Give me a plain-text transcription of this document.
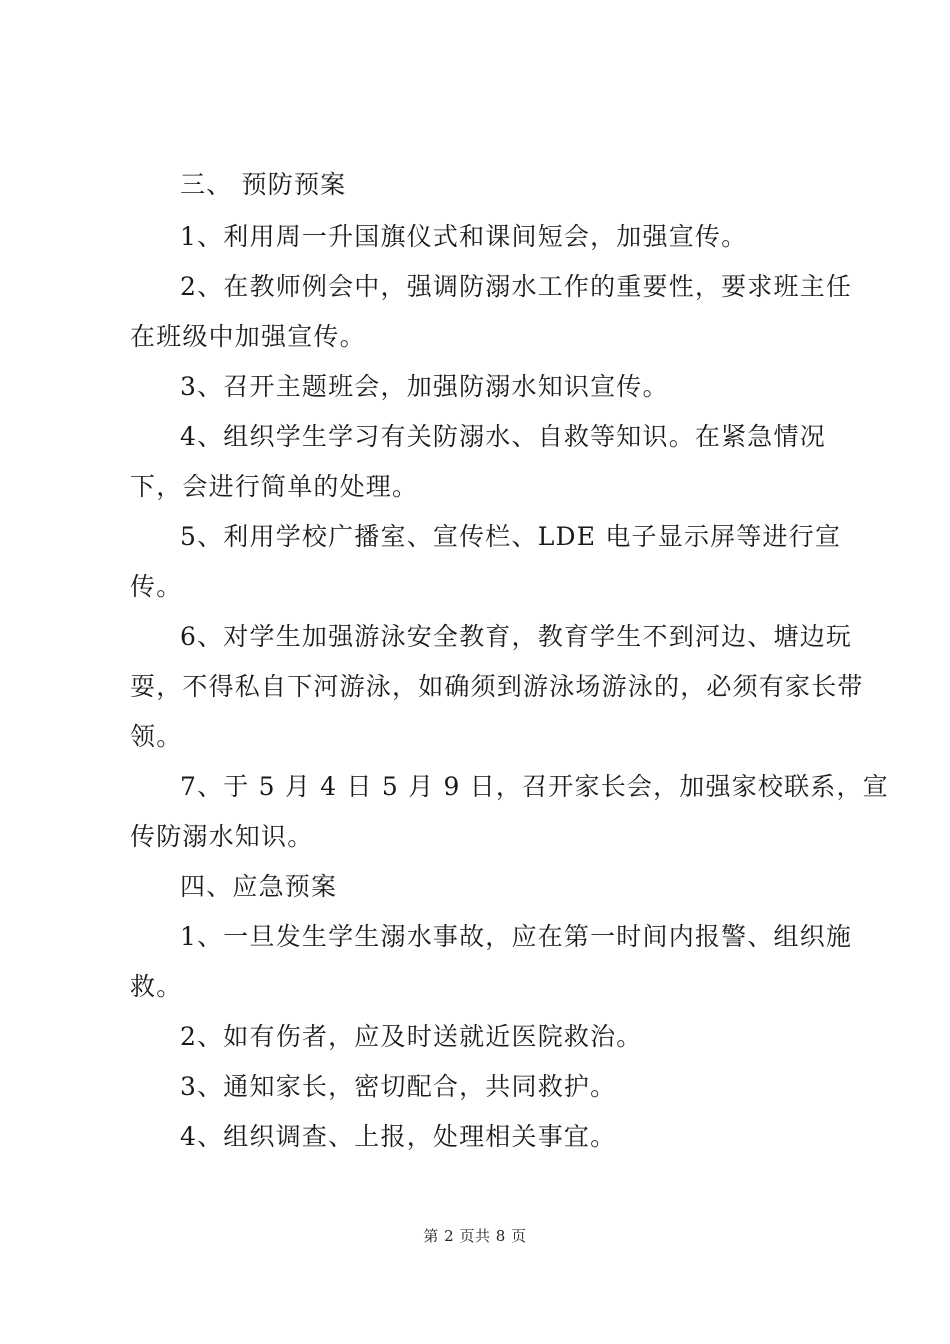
三、 预防预案
1、利用周一升国旗仪式和课间短会，加强宣传。
2、在教师例会中，强调防溺水工作的重要性，要求班主任
在班级中加强宣传。
3、召开主题班会，加强防溺水知识宣传。
4、组织学生学习有关防溺水、自救等知识。在紧急情况
下，会进行简单的处理。
5、利用学校广播室、宣传栏、LDE 电子显示屏等进行宣
传。
6、对学生加强游泳安全教育，教育学生不到河边、塘边玩
耍，不得私自下河游泳，如确须到游泳场游泳的，必须有家长带
领。
7、于 5 月 4 日 5 月 9 日，召开家长会，加强家校联系，宣
传防溺水知识。
四、应急预案
1、一旦发生学生溺水事故，应在第一时间内报警、组织施
救。
2、如有伤者，应及时送就近医院救治。
3、通知家长，密切配合，共同救护。
4、组织调查、上报，处理相关事宜。
第 2 页共 8 页
